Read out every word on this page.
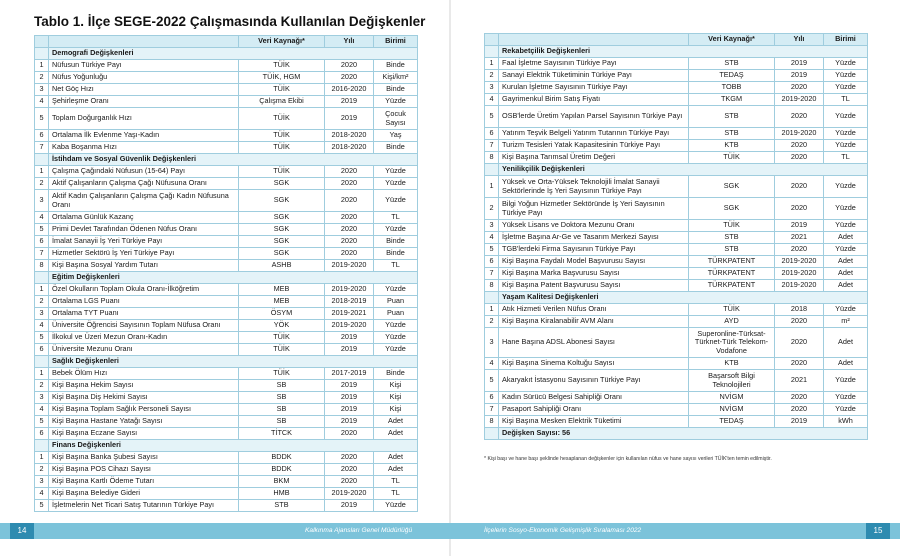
Tablo 1. İlçe SEGE-2022 Çalışmasında Kullanılan Değişkenler
		Veri Kaynağı*	Yılı	Birimi
	Demografi Değişkenleri			
1	Nüfusun Türkiye Payı	TÜİK	2020	Binde
2	Nüfus Yoğunluğu	TÜİK, HGM	2020	Kişi/km²
3	Net Göç Hızı	TÜİK	2016-2020	Binde
4	Şehirleşme Oranı	Çalışma Ekibi	2019	Yüzde
5	Toplam Doğurganlık Hızı	TÜİK	2019	Çocuk Sayısı
6	Ortalama İlk Evlenme Yaşı-Kadın	TÜİK	2018-2020	Yaş
7	Kaba Boşanma Hızı	TÜİK	2018-2020	Binde
	İstihdam ve Sosyal Güvenlik Değişkenleri			
1	Çalışma Çağındaki Nüfusun (15-64) Payı	TÜİK	2020	Yüzde
2	Aktif Çalışanların Çalışma Çağı Nüfusuna Oranı	SGK	2020	Yüzde
3	Aktif Kadın Çalışanların Çalışma Çağı Kadın Nüfusuna Oranı	SGK	2020	Yüzde
4	Ortalama Günlük Kazanç	SGK	2020	TL
5	Primi Devlet Tarafından Ödenen Nüfus Oranı	SGK	2020	Yüzde
6	İmalat Sanayii İş Yeri Türkiye Payı	SGK	2020	Binde
7	Hizmetler Sektörü İş Yeri Türkiye Payı	SGK	2020	Binde
8	Kişi Başına Sosyal Yardım Tutarı	ASHB	2019-2020	TL
	Eğitim Değişkenleri			
1	Özel Okulların Toplam Okula Oranı-İlköğretim	MEB	2019-2020	Yüzde
2	Ortalama LGS Puanı	MEB	2018-2019	Puan
3	Ortalama TYT Puanı	ÖSYM	2019-2021	Puan
4	Üniversite Öğrencisi Sayısının Toplam Nüfusa Oranı	YÖK	2019-2020	Yüzde
5	İlkokul ve Üzeri Mezun Oranı-Kadın	TÜİK	2019	Yüzde
6	Üniversite Mezunu Oranı	TÜİK	2019	Yüzde
	Sağlık Değişkenleri			
1	Bebek Ölüm Hızı	TÜİK	2017-2019	Binde
2	Kişi Başına Hekim Sayısı	SB	2019	Kişi
3	Kişi Başına Diş Hekimi Sayısı	SB	2019	Kişi
4	Kişi Başına Toplam Sağlık Personeli Sayısı	SB	2019	Kişi
5	Kişi Başına Hastane Yatağı Sayısı	SB	2019	Adet
6	Kişi Başına Eczane Sayısı	TİTCK	2020	Adet
	Finans Değişkenleri			
1	Kişi Başına Banka Şubesi Sayısı	BDDK	2020	Adet
2	Kişi Başına POS Cihazı Sayısı	BDDK	2020	Adet
3	Kişi Başına Kartlı Ödeme Tutarı	BKM	2020	TL
4	Kişi Başına Belediye Gideri	HMB	2019-2020	TL
5	İşletmelerin Net Ticari Satış Tutarının Türkiye Payı	STB	2019	Yüzde
		Veri Kaynağı*	Yılı	Birimi
	Rekabetçilik Değişkenleri			
1	Faal İşletme Sayısının Türkiye Payı	STB	2019	Yüzde
2	Sanayi Elektrik Tüketiminin Türkiye Payı	TEDAŞ	2019	Yüzde
3	Kurulan İşletme Sayısının Türkiye Payı	TOBB	2020	Yüzde
4	Gayrimenkul Birim Satış Fiyatı	TKGM	2019-2020	TL
5	OSB'lerde Üretim Yapılan Parsel Sayısının Türkiye Payı	STB	2020	Yüzde
6	Yatırım Teşvik Belgeli Yatırım Tutarının Türkiye Payı	STB	2019-2020	Yüzde
7	Turizm Tesisleri Yatak Kapasitesinin Türkiye Payı	KTB	2020	Yüzde
8	Kişi Başına Tarımsal Üretim Değeri	TÜİK	2020	TL
	Yenilikçilik Değişkenleri			
1	Yüksek ve Orta-Yüksek Teknolojili İmalat Sanayii Sektörlerinde İş Yeri Sayısının Türkiye Payı	SGK	2020	Yüzde
2	Bilgi Yoğun Hizmetler Sektöründe İş Yeri Sayısının Türkiye Payı	SGK	2020	Yüzde
3	Yüksek Lisans ve Doktora Mezunu Oranı	TÜİK	2019	Yüzde
4	İşletme Başına Ar-Ge ve Tasarım Merkezi Sayısı	STB	2021	Adet
5	TGB'lerdeki Firma Sayısının Türkiye Payı	STB	2020	Yüzde
6	Kişi Başına Faydalı Model Başvurusu Sayısı	TÜRKPATENT	2019-2020	Adet
7	Kişi Başına Marka Başvurusu Sayısı	TÜRKPATENT	2019-2020	Adet
8	Kişi Başına Patent Başvurusu Sayısı	TÜRKPATENT	2019-2020	Adet
	Yaşam Kalitesi Değişkenleri			
1	Atık Hizmeti Verilen Nüfus Oranı	TÜİK	2018	Yüzde
2	Kişi Başına Kiralanabilir AVM Alanı	AYD	2020	m²
3	Hane Başına ADSL Abonesi Sayısı	Superonline-Türksat-Türknet-Türk Telekom-Vodafone	2020	Adet
4	Kişi Başına Sinema Koltuğu Sayısı	KTB	2020	Adet
5	Akaryakıt İstasyonu Sayısının Türkiye Payı	Başarsoft Bilgi Teknolojileri	2021	Yüzde
6	Kadın Sürücü Belgesi Sahipliği Oranı	NVİGM	2020	Yüzde
7	Pasaport Sahipliği Oranı	NVİGM	2020	Yüzde
8	Kişi Başına Mesken Elektrik Tüketimi	TEDAŞ	2019	kWh
	Değişken Sayısı: 56			
* Kişi başı ve hane başı şeklinde hesaplanan değişkenler için kullanılan nüfus ve hane sayısı verileri TÜİK'ten temin edilmiştir.
14	15
Kalkınma Ajansları Genel Müdürlüğü	İlçelerin Sosyo-Ekonomik Gelişmişlik Sıralaması 2022
